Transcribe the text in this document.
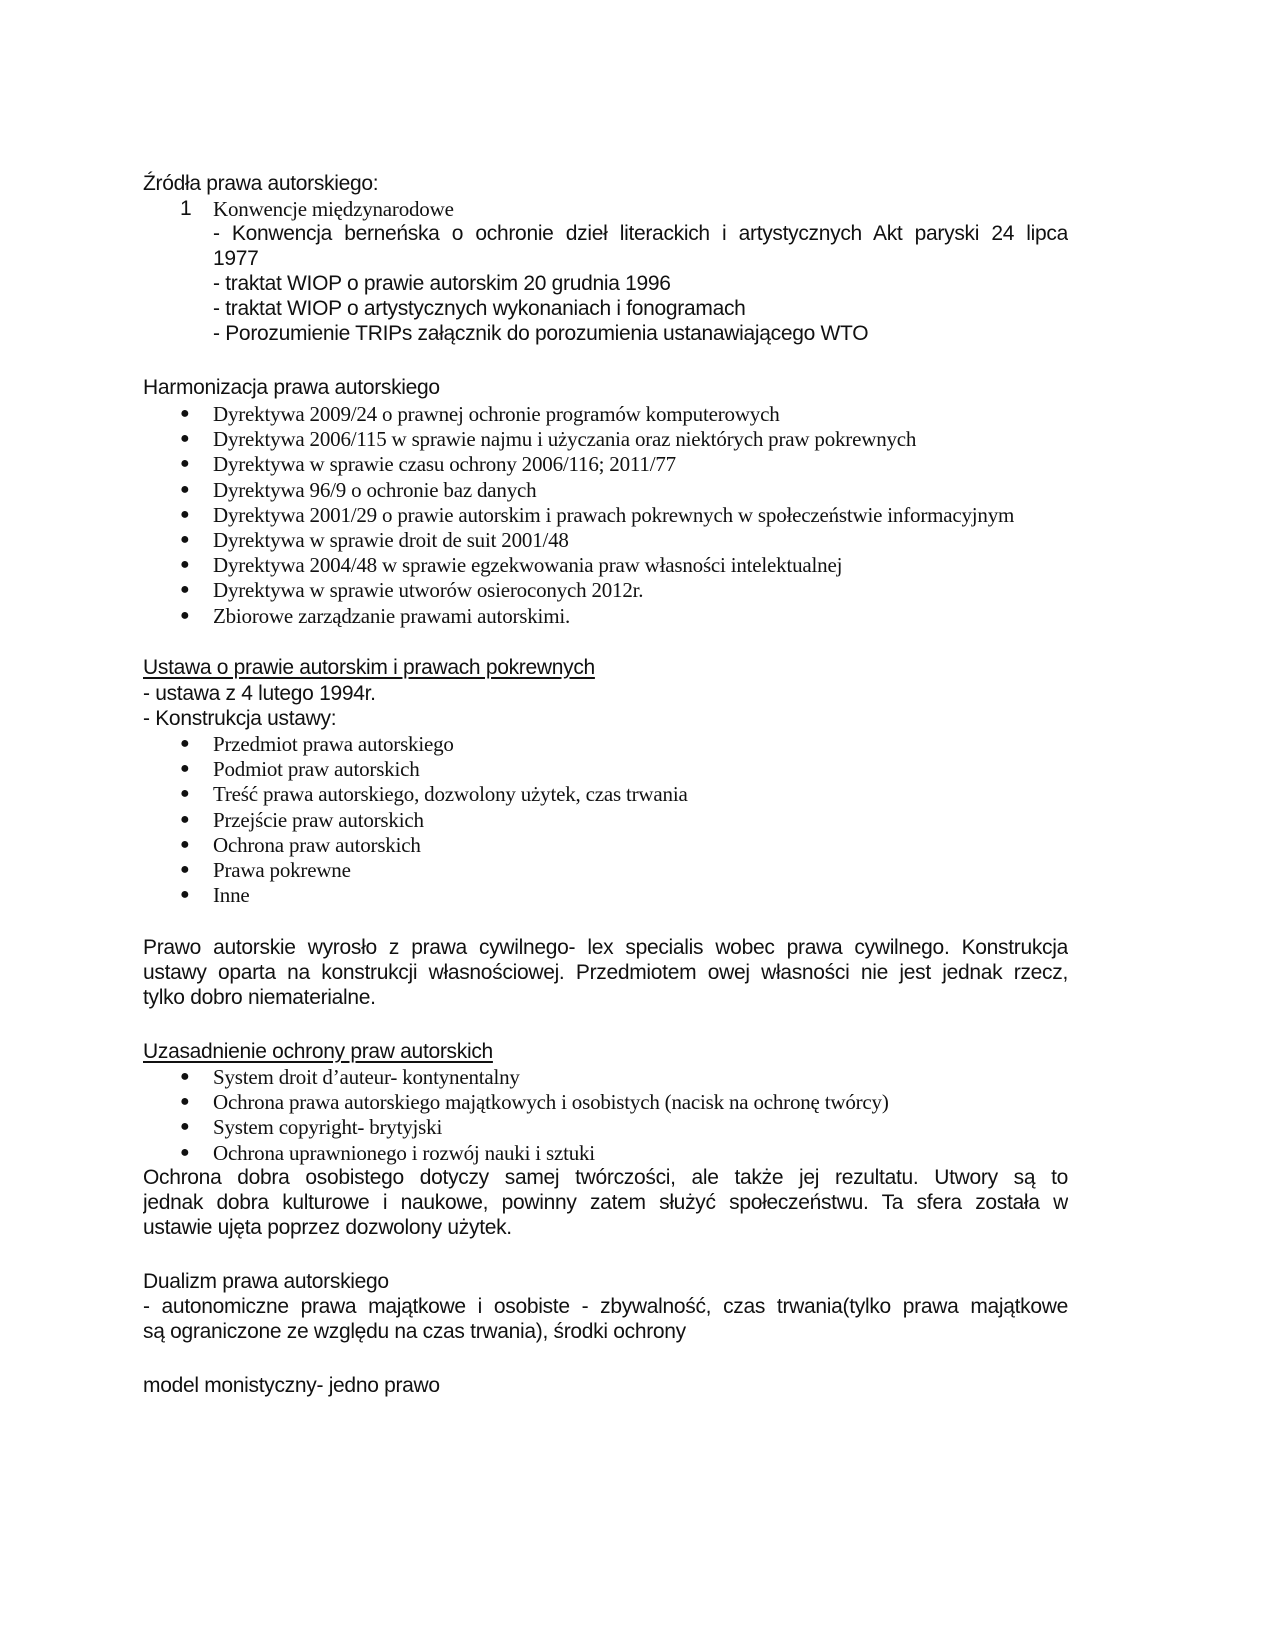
Źródła prawa autorskiego:
1 Konwencje międzynarodowe
- Konwencja berneńska o ochronie dzieł literackich i artystycznych Akt paryski 24 lipca
1977
- traktat WIOP o prawie autorskim 20 grudnia 1996
- traktat WIOP o artystycznych wykonaniach i fonogramach
- Porozumienie TRIPs załącznik do porozumienia ustanawiającego WTO
Harmonizacja prawa autorskiego
● Dyrektywa 2009/24 o prawnej ochronie programów komputerowych
● Dyrektywa 2006/115 w sprawie najmu i użyczania oraz niektórych praw pokrewnych
● Dyrektywa w sprawie czasu ochrony 2006/116; 2011/77
● Dyrektywa 96/9 o ochronie baz danych
● Dyrektywa 2001/29 o prawie autorskim i prawach pokrewnych w społeczeństwie informacyjnym
● Dyrektywa w sprawie droit de suit 2001/48
● Dyrektywa 2004/48 w sprawie egzekwowania praw własności intelektualnej
● Dyrektywa w sprawie utworów osieroconych 2012r.
● Zbiorowe zarządzanie prawami autorskimi.
Ustawa o prawie autorskim i prawach pokrewnych
- ustawa z 4 lutego 1994r.
- Konstrukcja ustawy:
● Przedmiot prawa autorskiego
● Podmiot praw autorskich
● Treść prawa autorskiego, dozwolony użytek, czas trwania
● Przejście praw autorskich
● Ochrona praw autorskich
● Prawa pokrewne
● Inne
Prawo autorskie wyrosło z prawa cywilnego- lex specialis wobec prawa cywilnego. Konstrukcja
ustawy oparta na konstrukcji własnościowej. Przedmiotem owej własności nie jest jednak rzecz,
tylko dobro niematerialne.
Uzasadnienie ochrony praw autorskich
● System droit d’auteur- kontynentalny
● Ochrona prawa autorskiego majątkowych i osobistych (nacisk na ochronę twórcy)
● System copyright- brytyjski
● Ochrona uprawnionego i rozwój nauki i sztuki
Ochrona dobra osobistego dotyczy samej twórczości, ale także jej rezultatu. Utwory są to
jednak dobra kulturowe i naukowe, powinny zatem służyć społeczeństwu. Ta sfera została w
ustawie ujęta poprzez dozwolony użytek.
Dualizm prawa autorskiego
- autonomiczne prawa majątkowe i osobiste - zbywalność, czas trwania(tylko prawa majątkowe
są ograniczone ze względu na czas trwania), środki ochrony
model monistyczny- jedno prawo
